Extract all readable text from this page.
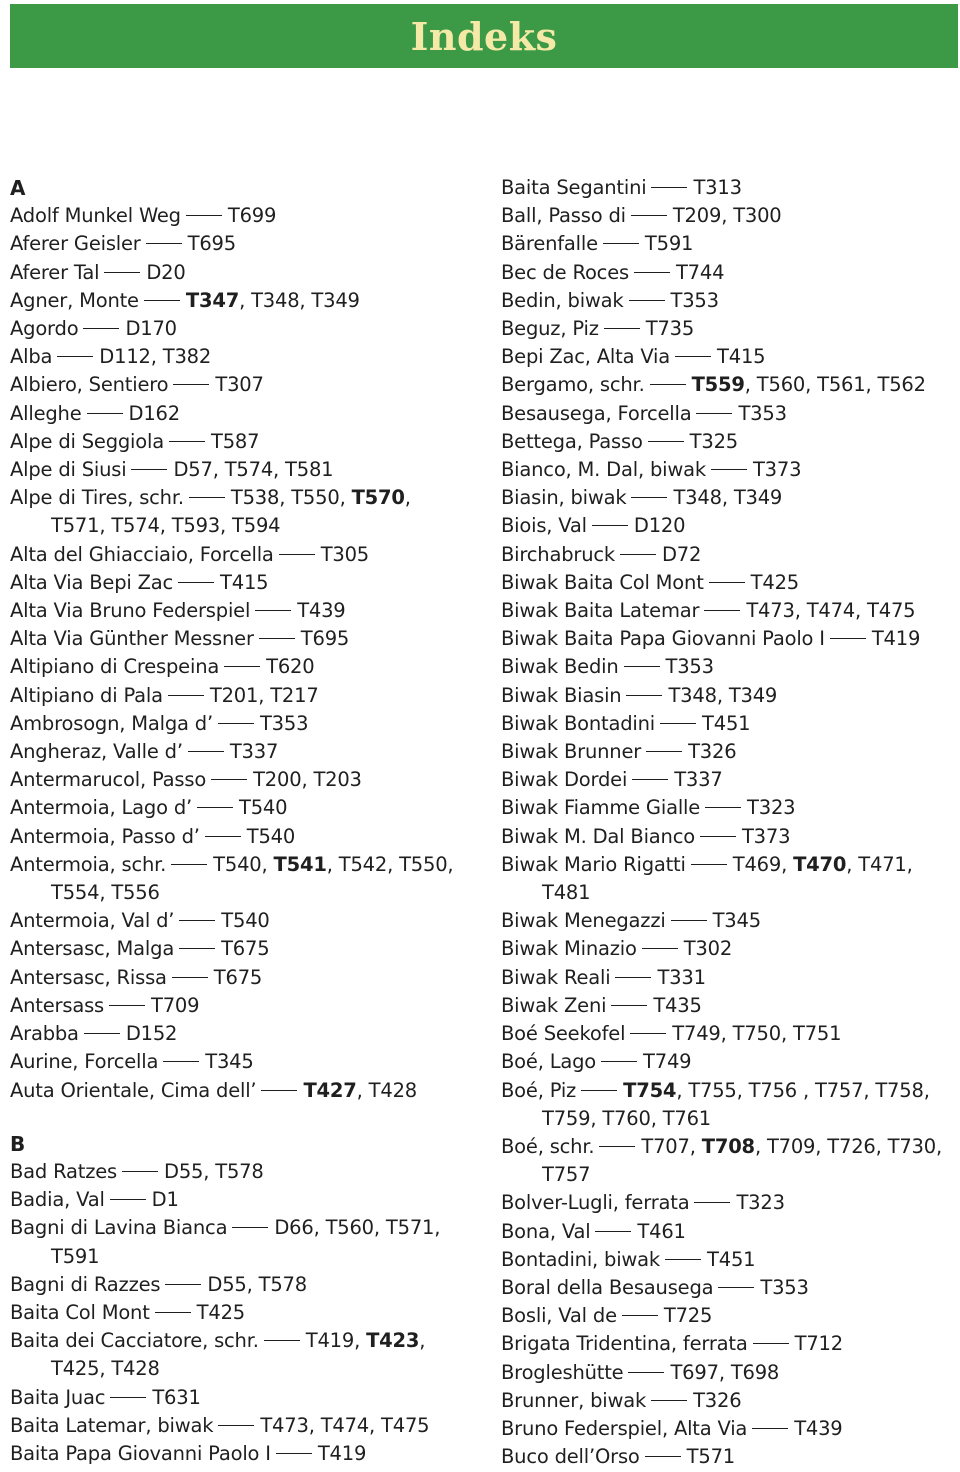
Indeks
A
Adolf Munkel Weg T699
Aferer Geisler T695
Aferer Tal D20
Agner, Monte T347, T348, T349
Agordo D170
Alba D112, T382
Albiero, Sentiero T307
Alleghe D162
Alpe di Seggiola T587
Alpe di Siusi D57, T574, T581
Alpe di Tires, schr. T538, T550, T570,
T571, T574, T593, T594
Alta del Ghiacciaio, Forcella T305
Alta Via Bepi Zac T415
Alta Via Bruno Federspiel T439
Alta Via Günther Messner T695
Altipiano di Crespeina T620
Altipiano di Pala T201, T217
Ambrosogn, Malga d’ T353
Angheraz, Valle d’ T337
Antermarucol, Passo T200, T203
Antermoia, Lago d’ T540
Antermoia, Passo d’ T540
Antermoia, schr. T540, T541, T542, T550,
T554, T556
Antermoia, Val d’ T540
Antersasc, Malga T675
Antersasc, Rissa T675
Antersass T709
Arabba D152
Aurine, Forcella T345
Auta Orientale, Cima dell’ T427, T428
B
Bad Ratzes D55, T578
Badia, Val D1
Bagni di Lavina Bianca D66, T560, T571,
T591
Bagni di Razzes D55, T578
Baita Col Mont T425
Baita dei Cacciatore, schr. T419, T423,
T425, T428
Baita Juac T631
Baita Latemar, biwak T473, T474, T475
Baita Papa Giovanni Paolo I T419
Baita Segantini T313
Ball, Passo di T209, T300
Bärenfalle T591
Bec de Roces T744
Bedin, biwak T353
Beguz, Piz T735
Bepi Zac, Alta Via T415
Bergamo, schr. T559, T560, T561, T562
Besausega, Forcella T353
Bettega, Passo T325
Bianco, M. Dal, biwak T373
Biasin, biwak T348, T349
Biois, Val D120
Birchabruck D72
Biwak Baita Col Mont T425
Biwak Baita Latemar T473, T474, T475
Biwak Baita Papa Giovanni Paolo I T419
Biwak Bedin T353
Biwak Biasin T348, T349
Biwak Bontadini T451
Biwak Brunner T326
Biwak Dordei T337
Biwak Fiamme Gialle T323
Biwak M. Dal Bianco T373
Biwak Mario Rigatti T469, T470, T471,
T481
Biwak Menegazzi T345
Biwak Minazio T302
Biwak Reali T331
Biwak Zeni T435
Boé Seekofel T749, T750, T751
Boé, Lago T749
Boé, Piz T754, T755, T756 , T757, T758,
T759, T760, T761
Boé, schr. T707, T708, T709, T726, T730,
T757
Bolver-Lugli, ferrata T323
Bona, Val T461
Bontadini, biwak T451
Boral della Besausega T353
Bosli, Val de T725
Brigata Tridentina, ferrata T712
Brogleshütte T697, T698
Brunner, biwak T326
Bruno Federspiel, Alta Via T439
Buco dell’Orso T571
